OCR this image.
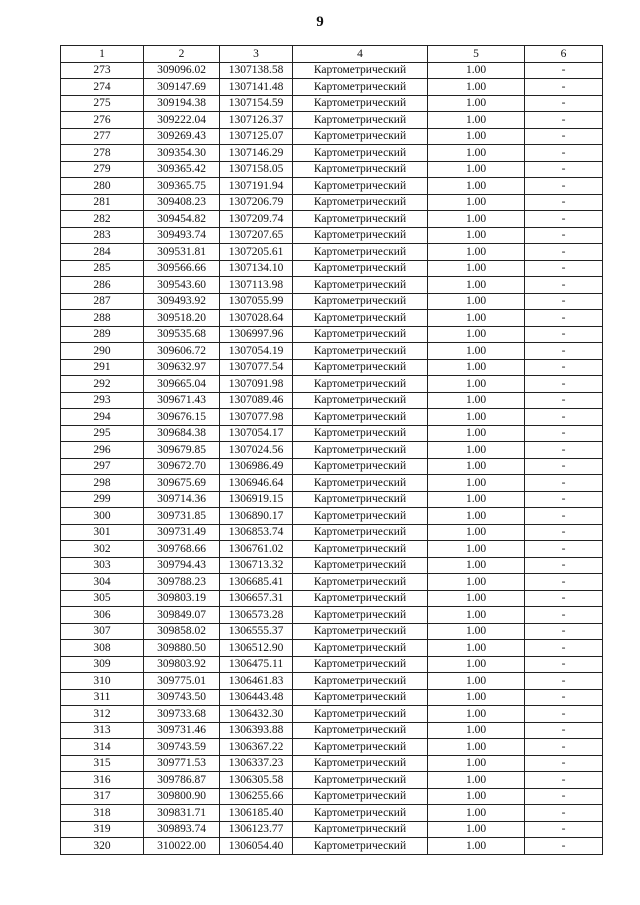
9
1	2	3	4	5	6
273	309096.02	1307138.58	Картометрический	1.00	-
274	309147.69	1307141.48	Картометрический	1.00	-
275	309194.38	1307154.59	Картометрический	1.00	-
276	309222.04	1307126.37	Картометрический	1.00	-
277	309269.43	1307125.07	Картометрический	1.00	-
278	309354.30	1307146.29	Картометрический	1.00	-
279	309365.42	1307158.05	Картометрический	1.00	-
280	309365.75	1307191.94	Картометрический	1.00	-
281	309408.23	1307206.79	Картометрический	1.00	-
282	309454.82	1307209.74	Картометрический	1.00	-
283	309493.74	1307207.65	Картометрический	1.00	-
284	309531.81	1307205.61	Картометрический	1.00	-
285	309566.66	1307134.10	Картометрический	1.00	-
286	309543.60	1307113.98	Картометрический	1.00	-
287	309493.92	1307055.99	Картометрический	1.00	-
288	309518.20	1307028.64	Картометрический	1.00	-
289	309535.68	1306997.96	Картометрический	1.00	-
290	309606.72	1307054.19	Картометрический	1.00	-
291	309632.97	1307077.54	Картометрический	1.00	-
292	309665.04	1307091.98	Картометрический	1.00	-
293	309671.43	1307089.46	Картометрический	1.00	-
294	309676.15	1307077.98	Картометрический	1.00	-
295	309684.38	1307054.17	Картометрический	1.00	-
296	309679.85	1307024.56	Картометрический	1.00	-
297	309672.70	1306986.49	Картометрический	1.00	-
298	309675.69	1306946.64	Картометрический	1.00	-
299	309714.36	1306919.15	Картометрический	1.00	-
300	309731.85	1306890.17	Картометрический	1.00	-
301	309731.49	1306853.74	Картометрический	1.00	-
302	309768.66	1306761.02	Картометрический	1.00	-
303	309794.43	1306713.32	Картометрический	1.00	-
304	309788.23	1306685.41	Картометрический	1.00	-
305	309803.19	1306657.31	Картометрический	1.00	-
306	309849.07	1306573.28	Картометрический	1.00	-
307	309858.02	1306555.37	Картометрический	1.00	-
308	309880.50	1306512.90	Картометрический	1.00	-
309	309803.92	1306475.11	Картометрический	1.00	-
310	309775.01	1306461.83	Картометрический	1.00	-
311	309743.50	1306443.48	Картометрический	1.00	-
312	309733.68	1306432.30	Картометрический	1.00	-
313	309731.46	1306393.88	Картометрический	1.00	-
314	309743.59	1306367.22	Картометрический	1.00	-
315	309771.53	1306337.23	Картометрический	1.00	-
316	309786.87	1306305.58	Картометрический	1.00	-
317	309800.90	1306255.66	Картометрический	1.00	-
318	309831.71	1306185.40	Картометрический	1.00	-
319	309893.74	1306123.77	Картометрический	1.00	-
320	310022.00	1306054.40	Картометрический	1.00	-
